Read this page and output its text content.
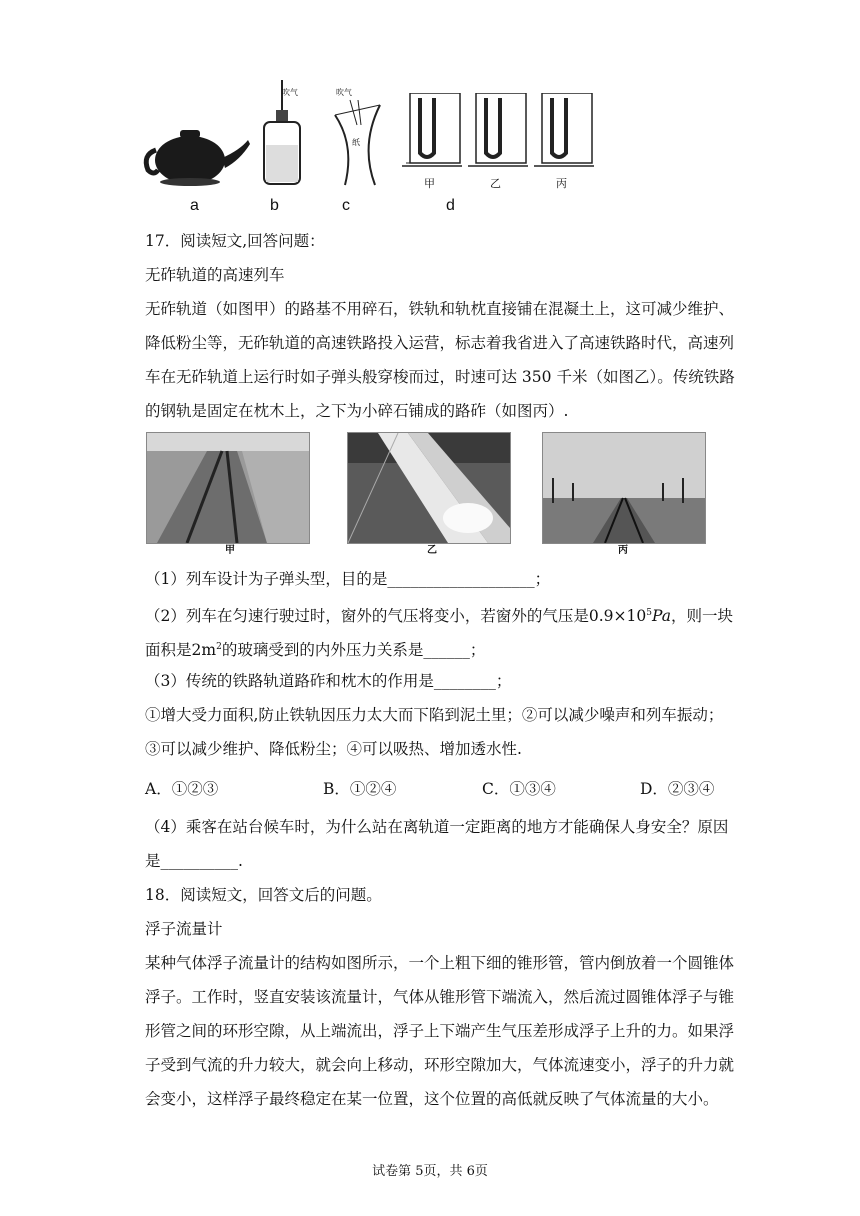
吹气	吹气
纸
甲	乙	丙
a	b	c	d
17．阅读短文,回答问题：
无砟轨道的高速列车
无砟轨道（如图甲）的路基不用碎石，铁轨和轨枕直接铺在混凝土上，这可减少维护、
降低粉尘等，无砟轨道的高速铁路投入运营，标志着我省进入了高速铁路时代，高速列
车在无砟轨道上运行时如子弹头般穿梭而过，时速可达 350 千米（如图乙）。传统铁路
的钢轨是固定在枕木上，之下为小碎石铺成的路砟（如图丙）.
甲	乙	丙
（1）列车设计为子弹头型，目的是___________________；
（2）列车在匀速行驶过时，窗外的气压将变小，若窗外的气压是$0.9\times 10^5Pa$，则一块
面积是$2m^2$的玻璃受到的内外压力关系是______；
（3）传统的铁路轨道路砟和枕木的作用是________；
①增大受力面积,防止铁轨因压力太大而下陷到泥土里；②可以减少噪声和列车振动；
③可以减少维护、降低粉尘；④可以吸热、增加透水性.
A．①②③	B．①②④	C．①③④	D．②③④
（4）乘客在站台候车时，为什么站在离轨道一定距离的地方才能确保人身安全？原因
是__________.
18．阅读短文，回答文后的问题。
浮子流量计
某种气体浮子流量计的结构如图所示，一个上粗下细的锥形管，管内倒放着一个圆锥体
浮子。工作时，竖直安装该流量计，气体从锥形管下端流入，然后流过圆锥体浮子与锥
形管之间的环形空隙，从上端流出，浮子上下端产生气压差形成浮子上升的力。如果浮
子受到气流的升力较大，就会向上移动，环形空隙加大，气体流速变小，浮子的升力就
会变小，这样浮子最终稳定在某一位置，这个位置的高低就反映了气体流量的大小。
试卷第 5页，共 6页
